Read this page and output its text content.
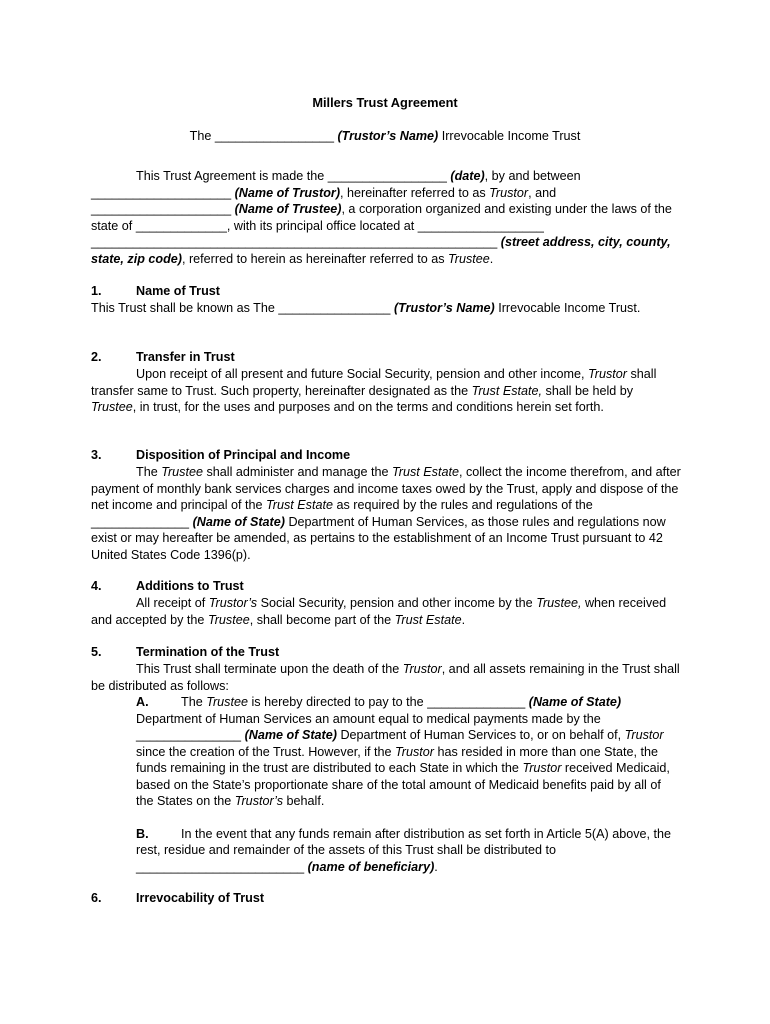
Millers Trust Agreement
The _________________ (Trustor’s Name) Irrevocable Income Trust

This Trust Agreement is made the _________________ (date), by and between ____________________ (Name of Trustor), hereinafter referred to as Trustor, and ____________________ (Name of Trustee), a corporation organized and existing under the laws of the state of _____________, with its principal office located at __________________ __________________________________________________________ (street address, city, county, state, zip code), referred to herein as hereinafter referred to as Trustee.

1.	Name of Trust
This Trust shall be known as The ________________ (Trustor’s Name) Irrevocable Income Trust.
2.	Transfer in Trust

Upon receipt of all present and future Social Security, pension and other income, Trustor shall transfer same to Trust. Such property, hereinafter designated as the Trust Estate, shall be held by Trustee, in trust, for the uses and purposes and on the terms and conditions herein set forth.

3.	Disposition of Principal and Income

The Trustee shall administer and manage the Trust Estate, collect the income therefrom, and after payment of monthly bank services charges and income taxes owed by the Trust, apply and dispose of the net income and principal of the Trust Estate as required by the rules and regulations of the ______________ (Name of State) Department of Human Services, as those rules and regulations now exist or may hereafter be amended, as pertains to the establishment of an Income Trust pursuant to 42 United States Code 1396(p).

4.	Additions to Trust

All receipt of Trustor’s Social Security, pension and other income by the Trustee, when received and accepted by the Trustee, shall become part of the Trust Estate.

5.	Termination of the Trust

This Trust shall terminate upon the death of the Trustor, and all assets remaining in the Trust shall be distributed as follows:

A.	The Trustee is hereby directed to pay to the ______________ (Name of State) Department of Human Services an amount equal to medical payments made by the _______________ (Name of State) Department of Human Services to, or on behalf of, Trustor since the creation of the Trust. However, if the Trustor has resided in more than one State, the funds remaining in the trust are distributed to each State in which the Trustor received Medicaid, based on the State’s proportionate share of the total amount of Medicaid benefits paid by all of the States on the Trustor’s behalf.

B.	In the event that any funds remain after distribution as set forth in Article 5(A) above, the rest, residue and remainder of the assets of this Trust shall be distributed to ________________________ (name of beneficiary).

6.	Irrevocability of Trust
